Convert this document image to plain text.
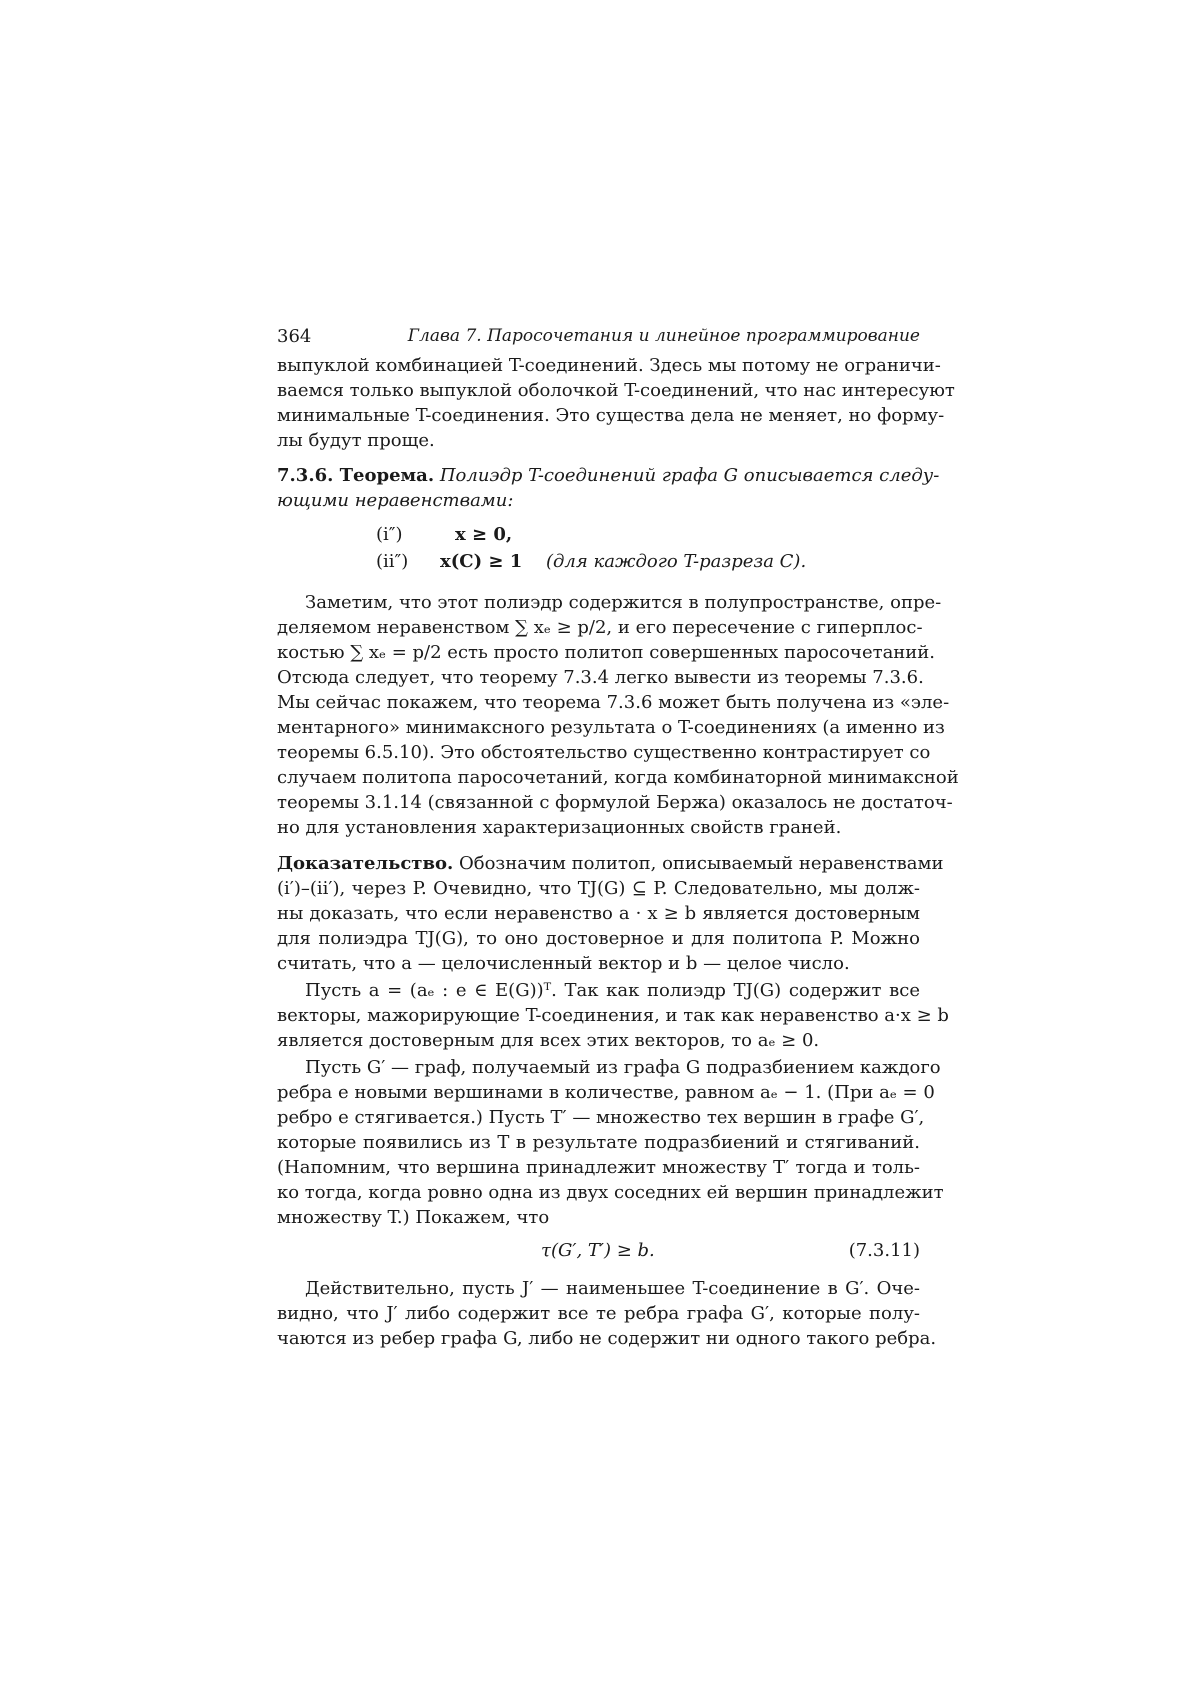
364	Глава 7. Паросочетания и линейное программирование
выпуклой комбинацией T-соединений. Здесь мы потому не ограничи-
ваемся только выпуклой оболочкой T-соединений, что нас интересуют
минимальные T-соединения. Это существа дела не меняет, но форму-
лы будут проще.
7.3.6. Теорема. Полиэдр T-соединений графа G описывается следу-
ющими неравенствами:
(i″)	x ≥ 0,
(ii″) x(C) ≥ 1 (для каждого T-разреза C).
Заметим, что этот полиэдр содержится в полупространстве, опре-
деляемом неравенством ∑ xₑ ≥ p/2, и его пересечение с гиперплос-
костью ∑ xₑ = p/2 есть просто политоп совершенных паросочетаний.
Отсюда следует, что теорему 7.3.4 легко вывести из теоремы 7.3.6.
Мы сейчас покажем, что теорема 7.3.6 может быть получена из «эле-
ментарного» минимаксного результата о T-соединениях (а именно из
теоремы 6.5.10). Это обстоятельство существенно контрастирует со
случаем политопа паросочетаний, когда комбинаторной минимаксной
теоремы 3.1.14 (связанной с формулой Бержа) оказалось не достаточ-
но для установления характеризационных свойств граней.
Доказательство. Обозначим политоп, описываемый неравенствами
(i′)–(ii′), через P. Очевидно, что TJ(G) ⊆ P. Следовательно, мы долж-
ны доказать, что если неравенство a · x ≥ b является достоверным
для полиэдра TJ(G), то оно достоверное и для политопа P. Можно
считать, что a — целочисленный вектор и b — целое число.
Пусть a = (aₑ : e ∈ E(G))ᵀ. Так как полиэдр TJ(G) содержит все
векторы, мажорирующие T-соединения, и так как неравенство a·x ≥ b
является достоверным для всех этих векторов, то aₑ ≥ 0.
Пусть G′ — граф, получаемый из графа G подразбиением каждого
ребра e новыми вершинами в количестве, равном aₑ − 1. (При aₑ = 0
ребро e стягивается.) Пусть T′ — множество тех вершин в графе G′,
которые появились из T в результате подразбиений и стягиваний.
(Напомним, что вершина принадлежит множеству T′ тогда и толь-
ко тогда, когда ровно одна из двух соседних ей вершин принадлежит
множеству T.) Покажем, что
τ(G′, T′) ≥ b.	(7.3.11)
Действительно, пусть J′ — наименьшее T-соединение в G′. Оче-
видно, что J′ либо содержит все те ребра графа G′, которые полу-
чаются из ребер графа G, либо не содержит ни одного такого ребра.
